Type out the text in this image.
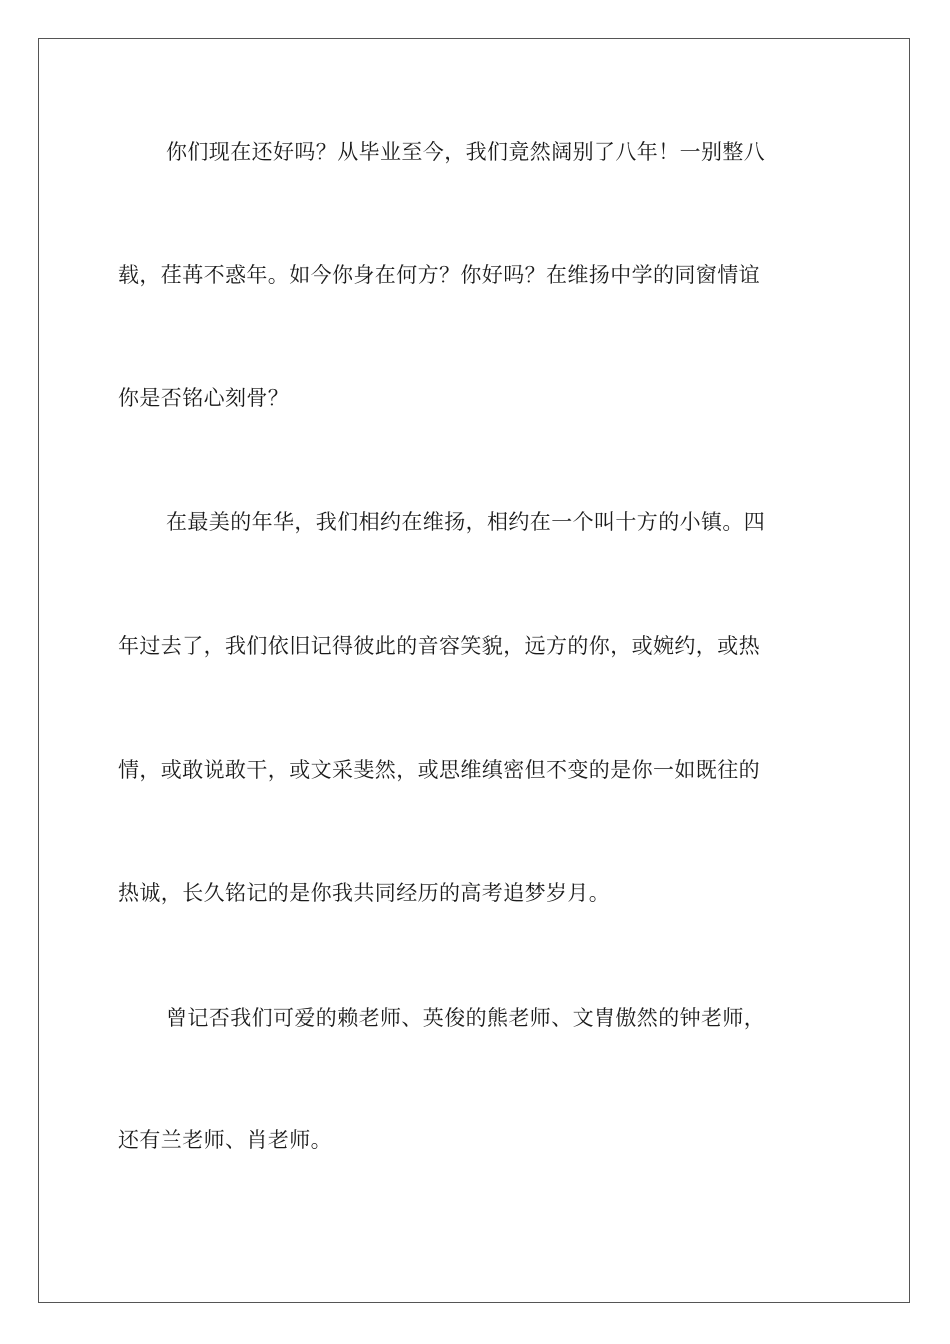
你们现在还好吗？从毕业至今，我们竟然阔别了八年！一别整八
载，荏苒不惑年。如今你身在何方？你好吗？在维扬中学的同窗情谊
你是否铭心刻骨？
在最美的年华，我们相约在维扬，相约在一个叫十方的小镇。四
年过去了，我们依旧记得彼此的音容笑貌，远方的你，或婉约，或热
情，或敢说敢干，或文采斐然，或思维缜密但不变的是你一如既往的
热诚，长久铭记的是你我共同经历的高考追梦岁月。
曾记否我们可爱的赖老师、英俊的熊老师、文胄傲然的钟老师，
还有兰老师、肖老师。
